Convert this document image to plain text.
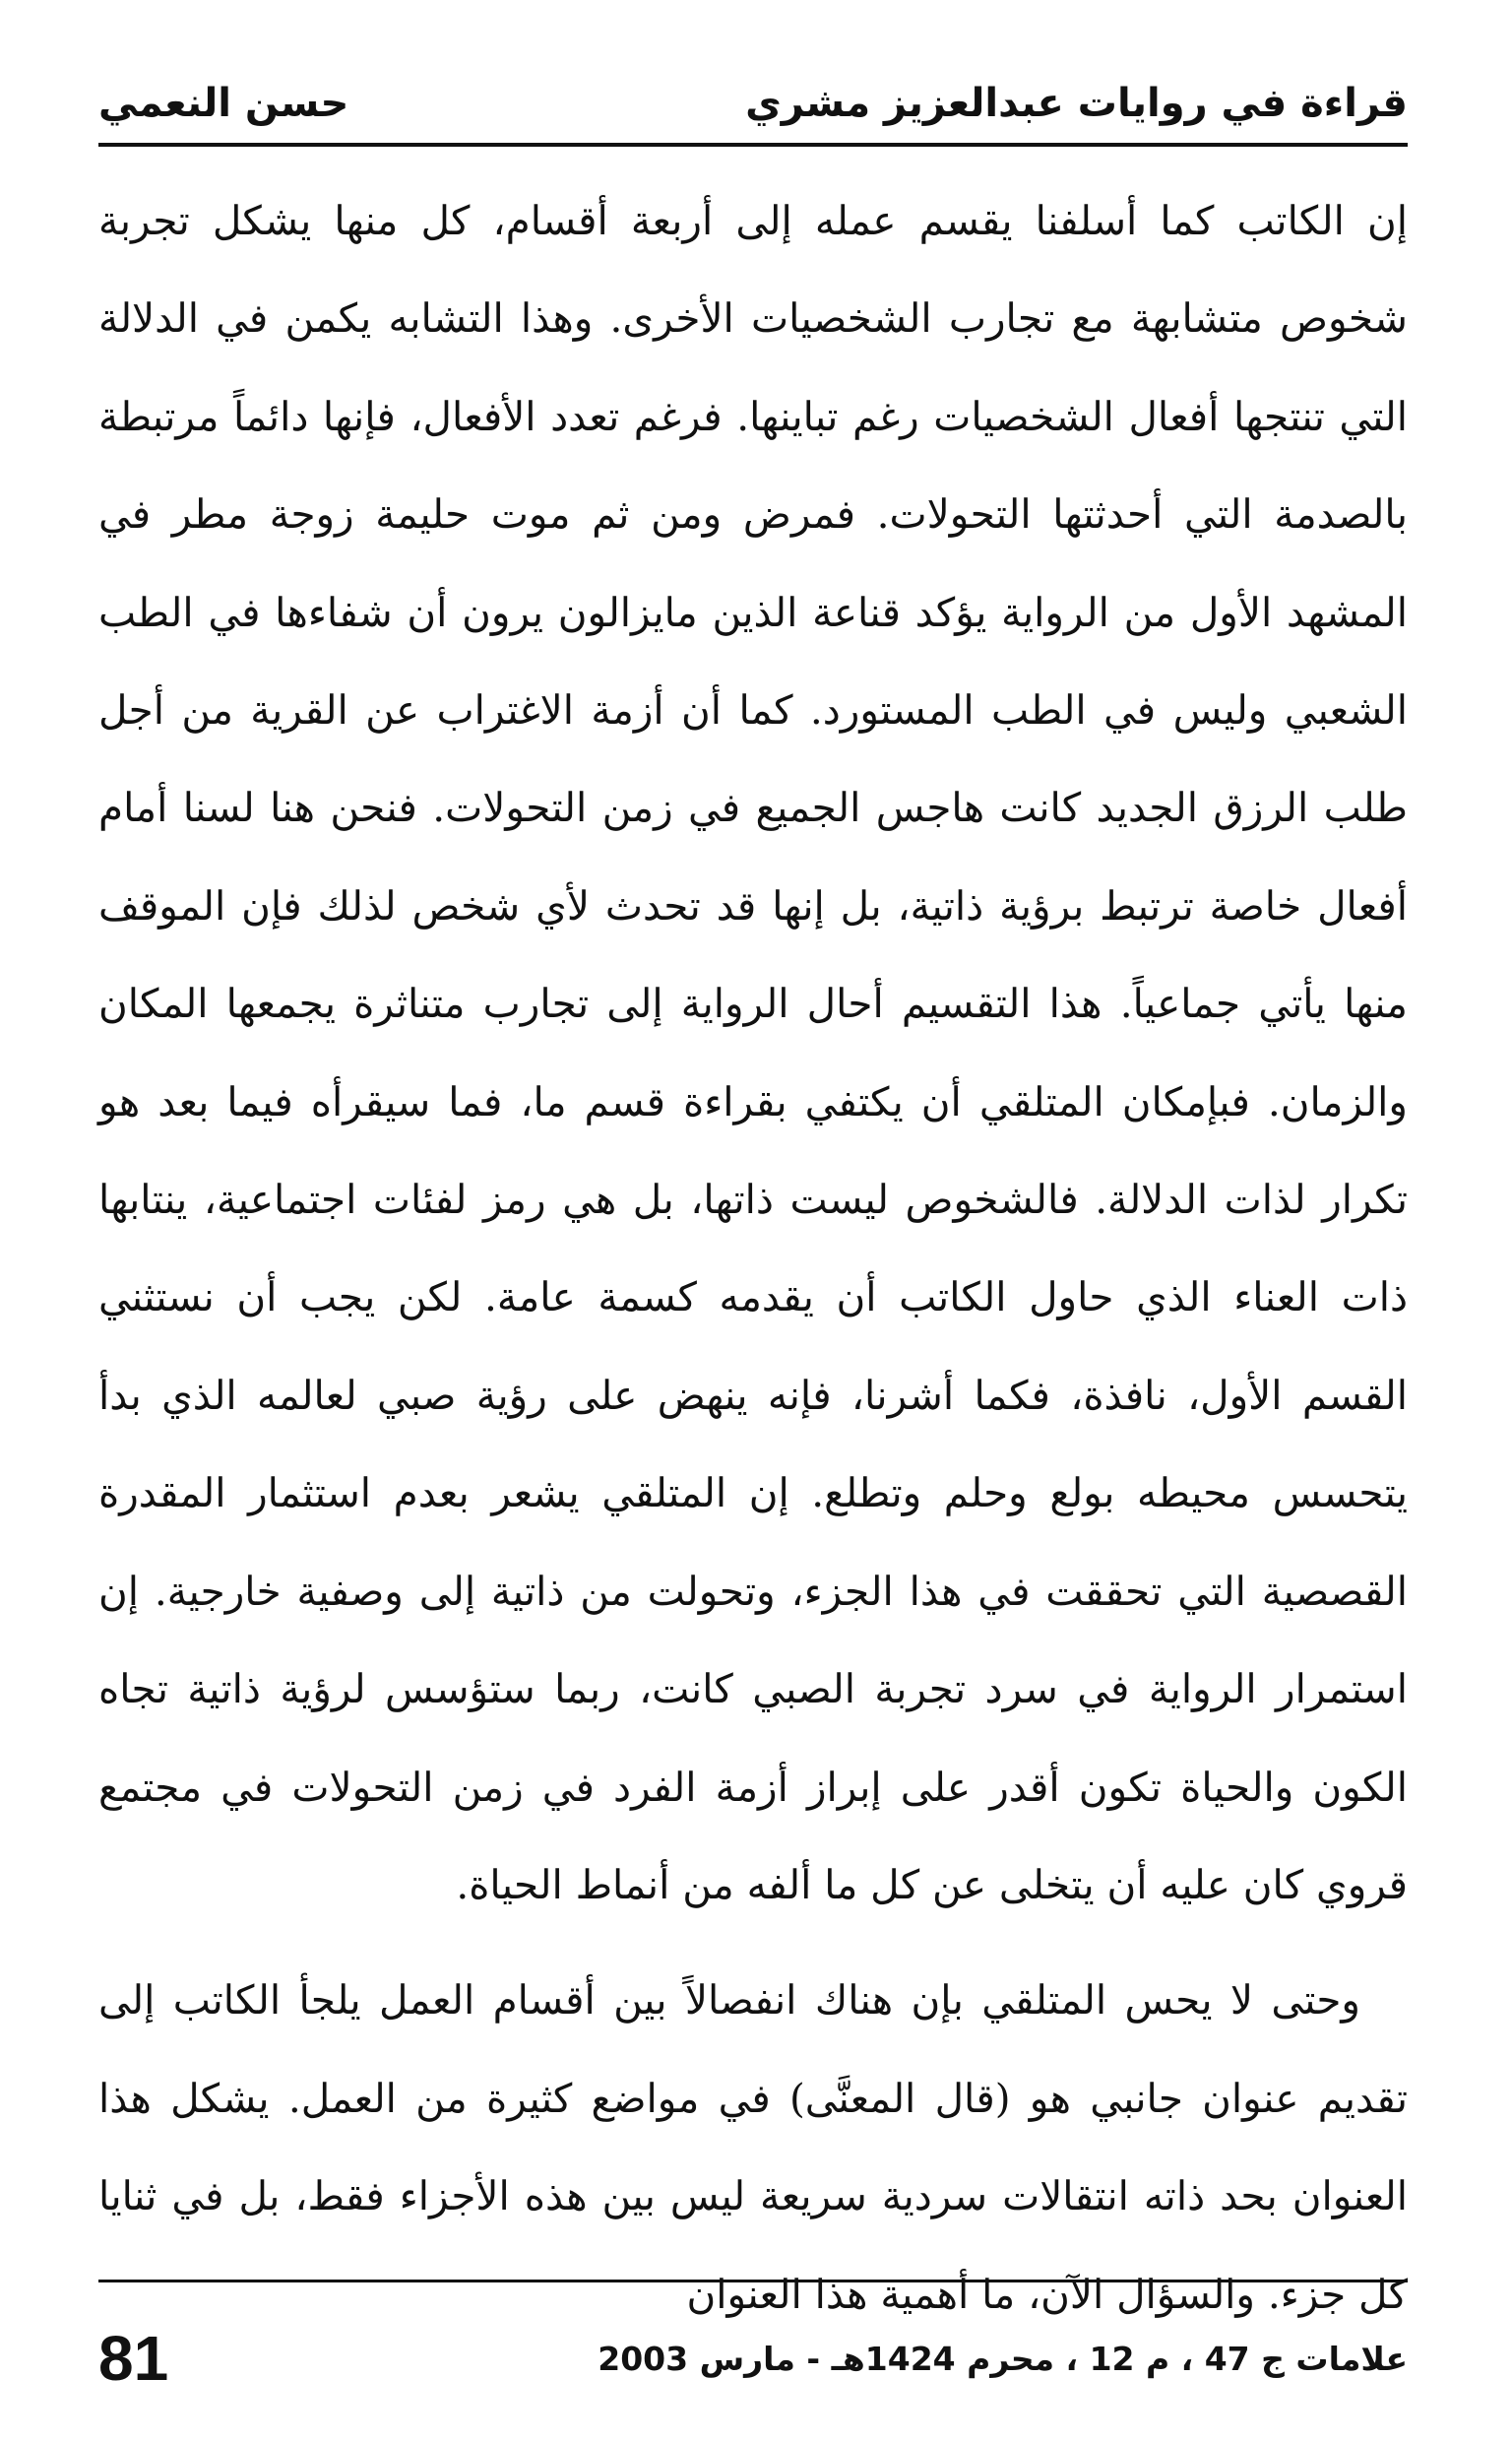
قراءة في روايات عبدالعزيز مشري
حسن النعمي

إن الكاتب كما أسلفنا يقسم عمله إلى أربعة أقسام، كل منها يشكل تجربة شخوص متشابهة مع تجارب الشخصيات الأخرى. وهذا التشابه يكمن في الدلالة التي تنتجها أفعال الشخصيات رغم تباينها. فرغم تعدد الأفعال، فإنها دائماً مرتبطة بالصدمة التي أحدثتها التحولات. فمرض ومن ثم موت حليمة زوجة مطر في المشهد الأول من الرواية يؤكد قناعة الذين مايزالون يرون أن شفاءها في الطب الشعبي وليس في الطب المستورد. كما أن أزمة الاغتراب عن القرية من أجل طلب الرزق الجديد كانت هاجس الجميع في زمن التحولات. فنحن هنا لسنا أمام أفعال خاصة ترتبط برؤية ذاتية، بل إنها قد تحدث لأي شخص لذلك فإن الموقف منها يأتي جماعياً. هذا التقسيم أحال الرواية إلى تجارب متناثرة يجمعها المكان والزمان. فبإمكان المتلقي أن يكتفي بقراءة قسم ما، فما سيقرأه فيما بعد هو تكرار لذات الدلالة. فالشخوص ليست ذاتها، بل هي رمز لفئات اجتماعية، ينتابها ذات العناء الذي حاول الكاتب أن يقدمه كسمة عامة. لكن يجب أن نستثني القسم الأول، نافذة، فكما أشرنا، فإنه ينهض على رؤية صبي لعالمه الذي بدأ يتحسس محيطه بولع وحلم وتطلع. إن المتلقي يشعر بعدم استثمار المقدرة القصصية التي تحققت في هذا الجزء، وتحولت من ذاتية إلى وصفية خارجية. إن استمرار الرواية في سرد تجربة الصبي كانت، ربما ستؤسس لرؤية ذاتية تجاه الكون والحياة تكون أقدر على إبراز أزمة الفرد في زمن التحولات في مجتمع قروي كان عليه أن يتخلى عن كل ما ألفه من أنماط الحياة.

وحتى لا يحس المتلقي بإن هناك انفصالاً بين أقسام العمل يلجأ الكاتب إلى تقديم عنوان جانبي هو (قال المعنَّى) في مواضع كثيرة من العمل. يشكل هذا العنوان بحد ذاته انتقالات سردية سريعة ليس بين هذه الأجزاء فقط، بل في ثنايا كل جزء. والسؤال الآن، ما أهمية هذا العنوان

علامات ج 47 ، م 12 ، محرم 1424هـ - مارس 2003
81
